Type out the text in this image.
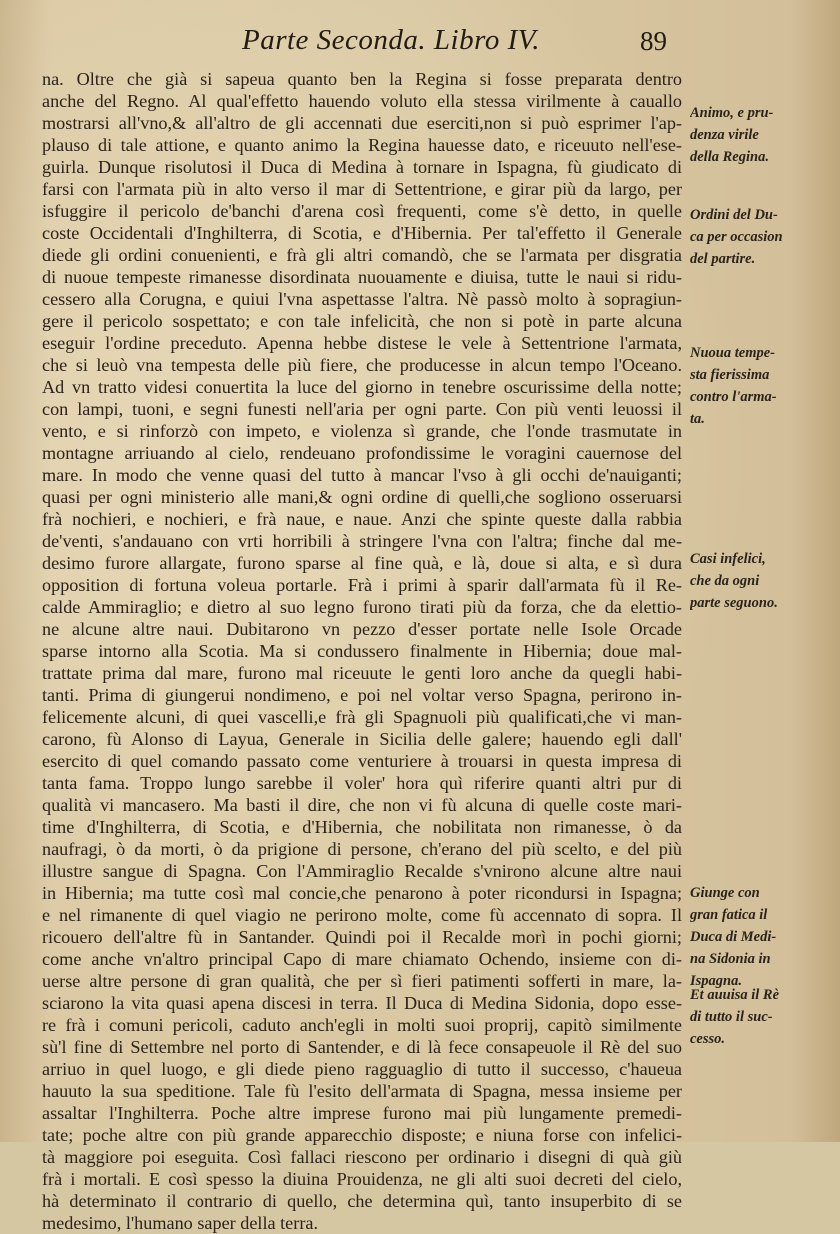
Parte Seconda. Libro IV.	89
na. Oltre che già si sapeua quanto ben la Regina si fosse preparata dentro
anche del Regno. Al qual'effetto hauendo voluto ella stessa virilmente à cauallo
mostrarsi all'vno,& all'altro de gli accennati due eserciti,non si può esprimer l'ap-
plauso di tale attione, e quanto animo la Regina hauesse dato, e riceuuto nell'ese-
guirla. Dunque risolutosi il Duca di Medina à tornare in Ispagna, fù giudicato di
farsi con l'armata più in alto verso il mar di Settentrione, e girar più da largo, per
isfuggire il pericolo de'banchi d'arena così frequenti, come s'è detto, in quelle
coste Occidentali d'Inghilterra, di Scotia, e d'Hibernia. Per tal'effetto il Generale
diede gli ordini conuenienti, e frà gli altri comandò, che se l'armata per disgratia
di nuoue tempeste rimanesse disordinata nuouamente e diuisa, tutte le naui si ridu-
cessero alla Corugna, e quiui l'vna aspettasse l'altra. Nè passò molto à sopragiun-
gere il pericolo sospettato; e con tale infelicità, che non si potè in parte alcuna
eseguir l'ordine preceduto. Apenna hebbe distese le vele à Settentrione l'armata,
che si leuò vna tempesta delle più fiere, che producesse in alcun tempo l'Oceano.
Ad vn tratto videsi conuertita la luce del giorno in tenebre oscurissime della notte;
con lampi, tuoni, e segni funesti nell'aria per ogni parte. Con più venti leuossi il
vento, e si rinforzò con impeto, e violenza sì grande, che l'onde trasmutate in
montagne arriuando al cielo, rendeuano profondissime le voragini cauernose del
mare. In modo che venne quasi del tutto à mancar l'vso à gli occhi de'nauiganti;
quasi per ogni ministerio alle mani,& ogni ordine di quelli,che sogliono osseruarsi
frà nochieri, e nochieri, e frà naue, e naue. Anzi che spinte queste dalla rabbia
de'venti, s'andauano con vrti horribili à stringere l'vna con l'altra; finche dal me-
desimo furore allargate, furono sparse al fine quà, e là, doue si alta, e sì dura
opposition di fortuna voleua portarle. Frà i primi à sparir dall'armata fù il Re-
calde Ammiraglio; e dietro al suo legno furono tirati più da forza, che da elettio-
ne alcune altre naui. Dubitarono vn pezzo d'esser portate nelle Isole Orcade
sparse intorno alla Scotia. Ma si condussero finalmente in Hibernia; doue mal-
trattate prima dal mare, furono mal riceuute le genti loro anche da quegli habi-
tanti. Prima di giungerui nondimeno, e poi nel voltar verso Spagna, perirono in-
felicemente alcuni, di quei vascelli,e frà gli Spagnuoli più qualificati,che vi man-
carono, fù Alonso di Layua, Generale in Sicilia delle galere; hauendo egli dall'
esercito di quel comando passato come venturiere à trouarsi in questa impresa di
tanta fama. Troppo lungo sarebbe il voler' hora quì riferire quanti altri pur di
qualità vi mancasero. Ma basti il dire, che non vi fù alcuna di quelle coste mari-
time d'Inghilterra, di Scotia, e d'Hibernia, che nobilitata non rimanesse, ò da
naufragi, ò da morti, ò da prigione di persone, ch'erano del più scelto, e del più
illustre sangue di Spagna. Con l'Ammiraglio Recalde s'vnirono alcune altre naui
in Hibernia; ma tutte così mal concie,che penarono à poter ricondursi in Ispagna;
e nel rimanente di quel viagio ne perirono molte, come fù accennato di sopra. Il
ricouero dell'altre fù in Santander. Quindi poi il Recalde morì in pochi giorni;
come anche vn'altro principal Capo di mare chiamato Ochendo, insieme con di-
uerse altre persone di gran qualità, che per sì fieri patimenti sofferti in mare, la-
sciarono la vita quasi apena discesi in terra. Il Duca di Medina Sidonia, dopo esse-
re frà i comuni pericoli, caduto anch'egli in molti suoi proprij, capitò similmente
sù'l fine di Settembre nel porto di Santender, e di là fece consapeuole il Rè del suo
arriuo in quel luogo, e gli diede pieno ragguaglio di tutto il successo, c'haueua
hauuto la sua speditione. Tale fù l'esito dell'armata di Spagna, messa insieme per
assaltar l'Inghilterra. Poche altre imprese furono mai più lungamente premedi-
tate; poche altre con più grande apparecchio disposte; e niuna forse con infelici-
tà maggiore poi eseguita. Così fallaci riescono per ordinario i disegni di quà giù
frà i mortali. E così spesso la diuina Prouidenza, ne gli alti suoi decreti del cielo,
hà determinato il contrario di quello, che determina quì, tanto insuperbito di se
medesimo, l'humano saper della terra.
Animo, e pru-
denza virile
della Regina.
Ordini del Du-
ca per occasion
del partire.
Nuoua tempe-
sta fierissima
contro l'arma-
ta.
Casi infelici,
che da ogni
parte seguono.
Giunge con
gran fatica il
Duca di Medi-
na Sidonia in
Ispagna.
Et auuisa il Rè
di tutto il suc-
cesso.
